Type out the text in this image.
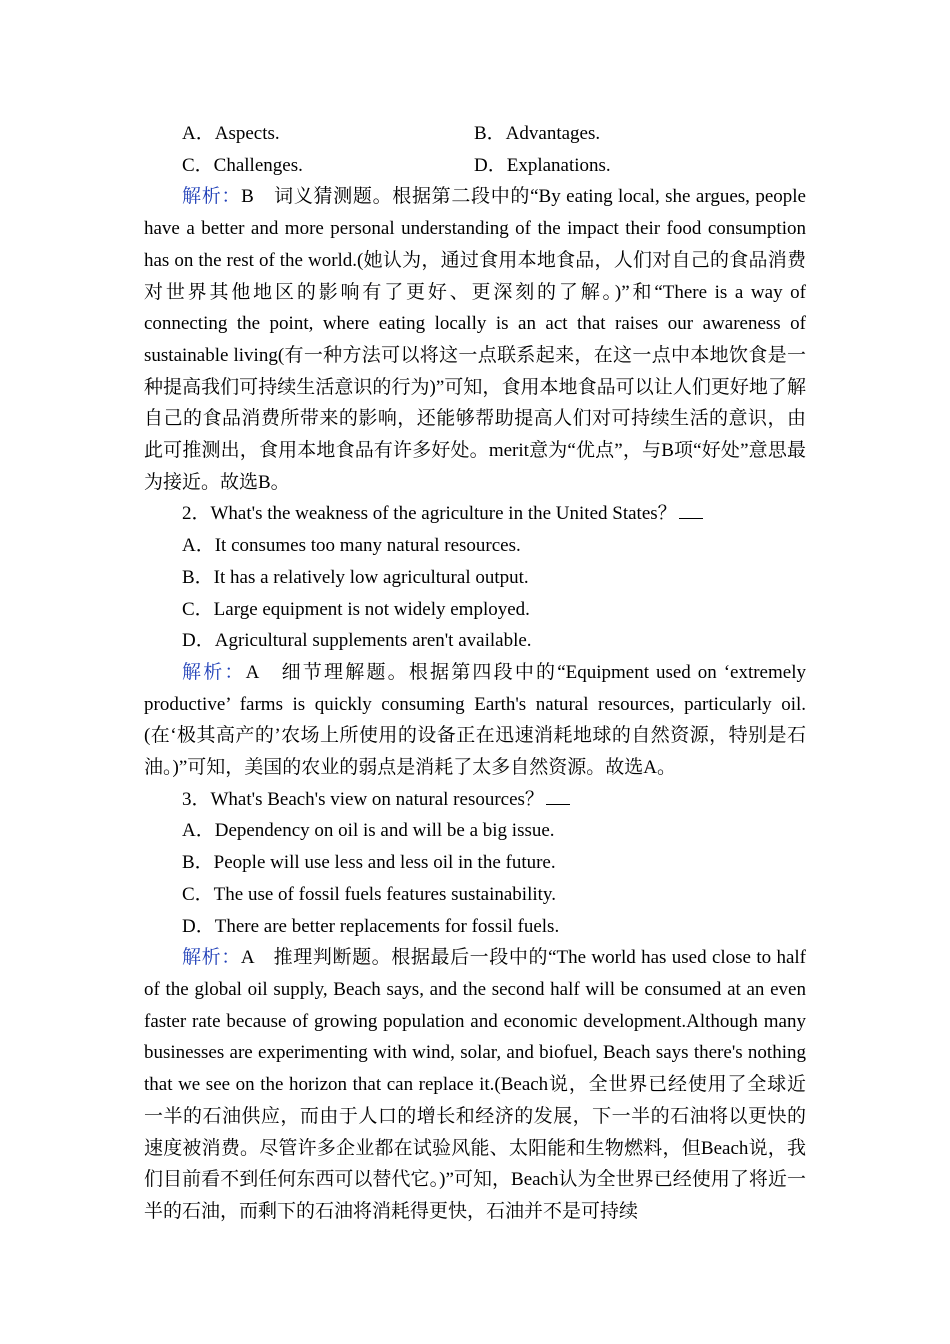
A．Aspects.	B．Advantages.
C．Challenges.	D．Explanations.

解析：B　词义猜测题。根据第二段中的“By eating local, she argues, people have a better and more personal understanding of the impact their food consumption has on the rest of the world.(她认为，通过食用本地食品，人们对自己的食品消费对世界其他地区的影响有了更好、更深刻的了解。)”和“There is a way of connecting the point, where eating locally is an act that raises our awareness of sustainable living(有一种方法可以将这一点联系起来，在这一点中本地饮食是一种提高我们可持续生活意识的行为)”可知，食用本地食品可以让人们更好地了解自己的食品消费所带来的影响，还能够帮助提高人们对可持续生活的意识，由此可推测出，食用本地食品有许多好处。merit意为“优点”，与B项“好处”意思最为接近。故选B。

2．What's the weakness of the agriculture in the United States？
A．It consumes too many natural resources.
B．It has a relatively low agricultural output.
C．Large equipment is not widely employed.
D．Agricultural supplements aren't available.

解析：A　细节理解题。根据第四段中的“Equipment used on ‘extremely productive’ farms is quickly consuming Earth's natural resources, particularly oil.(在‘极其高产的’农场上所使用的设备正在迅速消耗地球的自然资源，特别是石油。)”可知，美国的农业的弱点是消耗了太多自然资源。故选A。

3．What's Beach's view on natural resources？
A．Dependency on oil is and will be a big issue.
B．People will use less and less oil in the future.
C．The use of fossil fuels features sustainability.
D．There are better replacements for fossil fuels.

解析：A　推理判断题。根据最后一段中的“The world has used close to half of the global oil supply, Beach says, and the second half will be consumed at an even faster rate because of growing population and economic development.Although many businesses are experimenting with wind, solar, and biofuel, Beach says there's nothing that we see on the horizon that can replace it.(Beach说，全世界已经使用了全球近一半的石油供应，而由于人口的增长和经济的发展，下一半的石油将以更快的速度被消费。尽管许多企业都在试验风能、太阳能和生物燃料，但Beach说，我们目前看不到任何东西可以替代它。)”可知，Beach认为全世界已经使用了将近一半的石油，而剩下的石油将消耗得更快，石油并不是可持续
